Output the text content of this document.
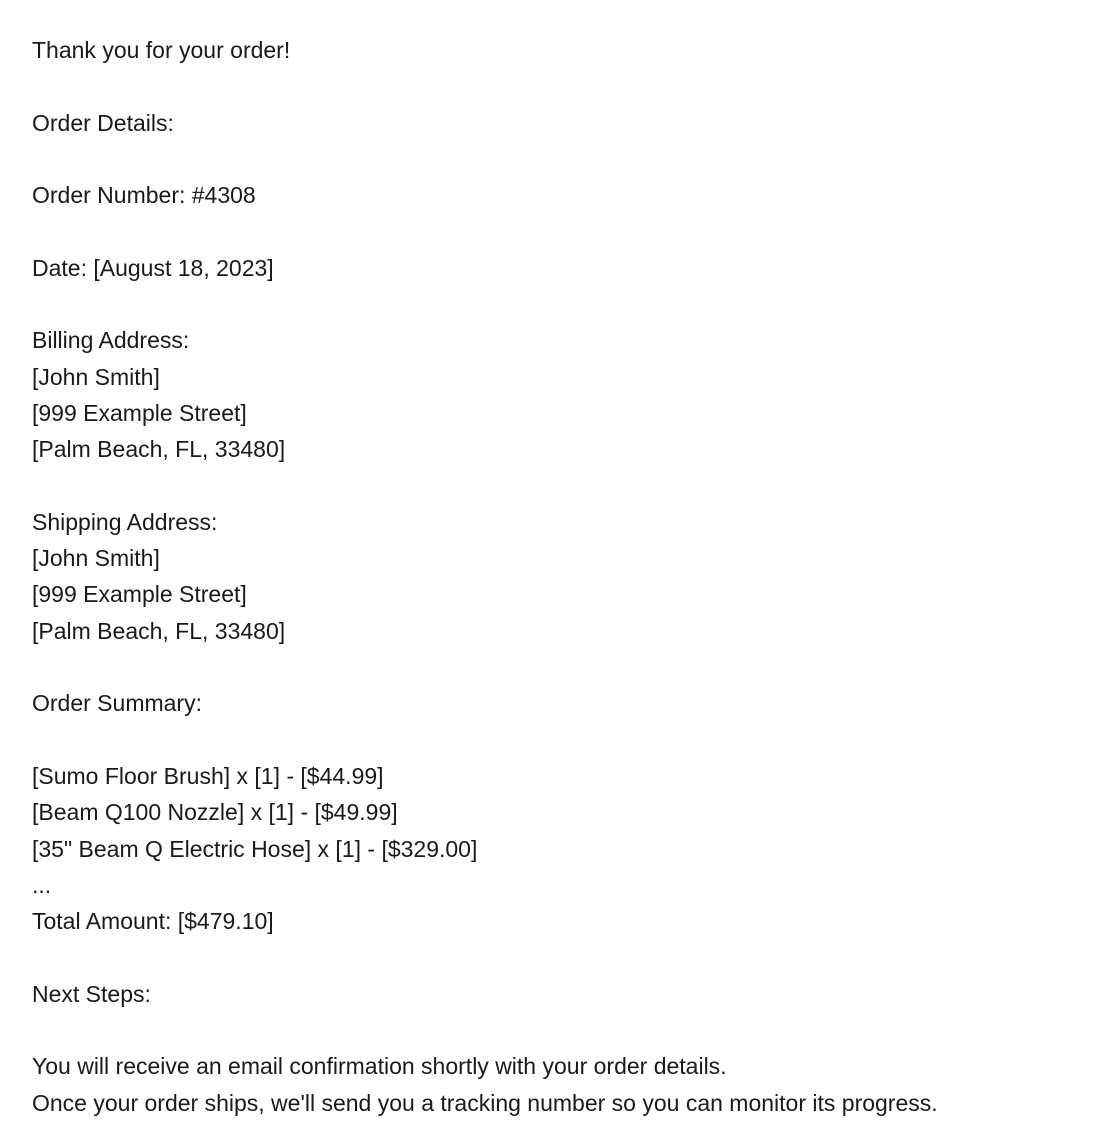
Thank you for your order!
Order Details:
Order Number: #4308
Date: [August 18, 2023]
Billing Address:
[John Smith]
[999 Example Street]
[Palm Beach, FL, 33480]
Shipping Address:
[John Smith]
[999 Example Street]
[Palm Beach, FL, 33480]
Order Summary:
[Sumo Floor Brush] x [1] - [$44.99]
[Beam Q100 Nozzle] x [1] - [$49.99]
[35" Beam Q Electric Hose] x [1] - [$329.00]
...
Total Amount: [$479.10]
Next Steps:
You will receive an email confirmation shortly with your order details.
Once your order ships, we'll send you a tracking number so you can monitor its progress.
